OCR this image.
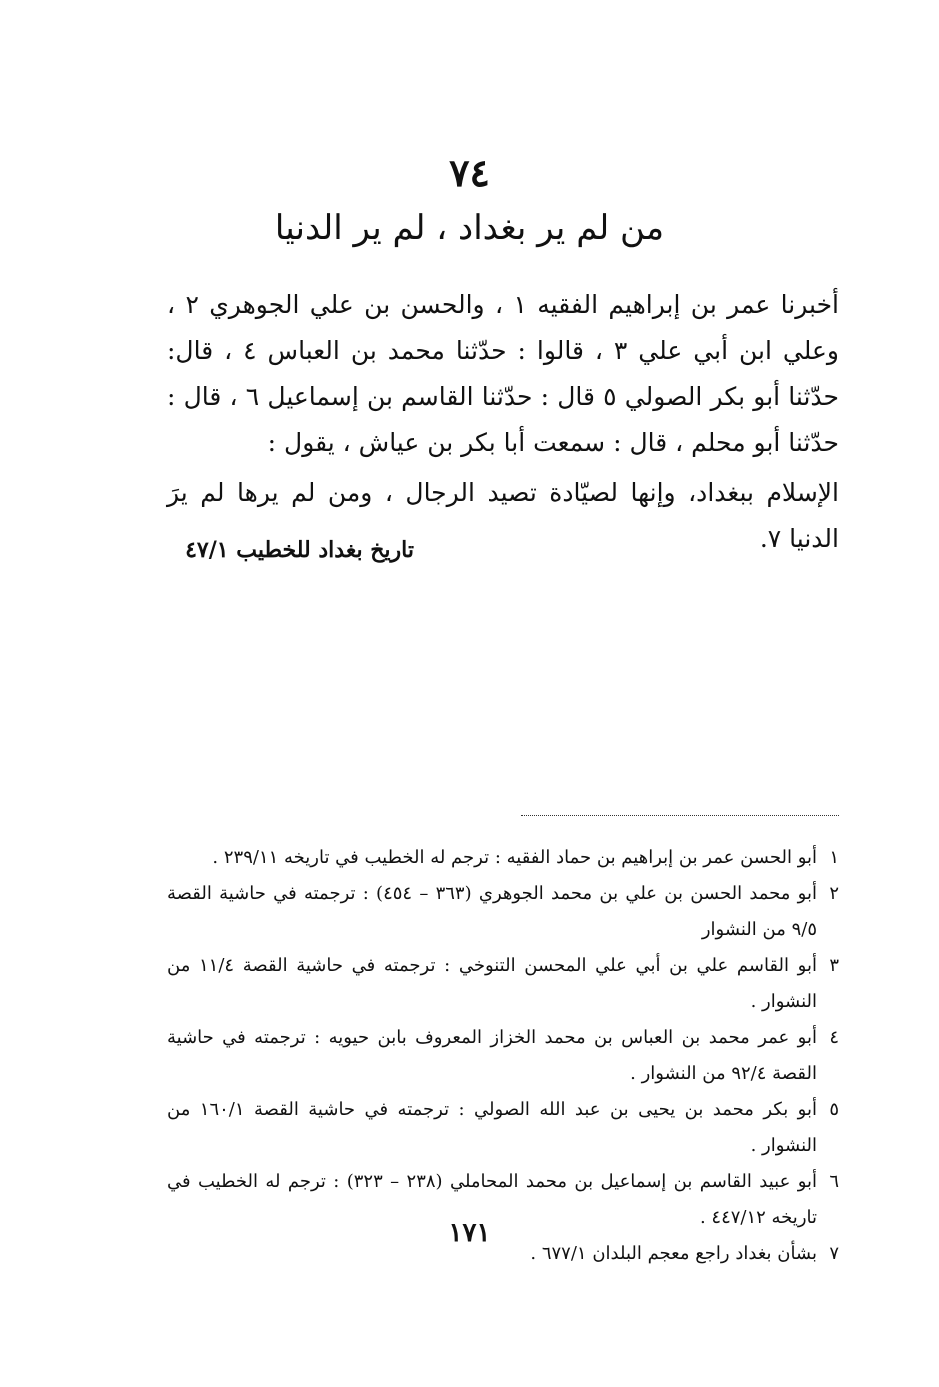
٧٤
من لم ير بغداد ، لم ير الدنيا

أخبرنا عمر بن إبراهيم الفقيه ١ ، والحسن بن علي الجوهري ٢ ، وعلي ابن أبي علي ٣ ، قالوا : حدّثنا محمد بن العباس ٤ ، قال: حدّثنا أبو بكر الصولي ٥ قال : حدّثنا القاسم بن إسماعيل ٦ ، قال : حدّثنا أبو محلم ، قال : سمعت أبا بكر بن عياش ، يقول :

الإسلام ببغداد، وإنها لصيّادة تصيد الرجال ، ومن لم يرها لم يرَ الدنيا ٧.

تاريخ بغداد للخطيب ٤٧/١
١
أبو الحسن عمر بن إبراهيم بن حماد الفقيه : ترجم له الخطيب في تاريخه ٢٣٩/١١ .
٢
أبو محمد الحسن بن علي بن محمد الجوهري (٣٦٣ – ٤٥٤) : ترجمته في حاشية القصة ٩/٥ من النشوار
٣
أبو القاسم علي بن أبي علي المحسن التنوخي : ترجمته في حاشية القصة ١١/٤ من النشوار .
٤
أبو عمر محمد بن العباس بن محمد الخزاز المعروف بابن حيويه : ترجمته في حاشية القصة ٩٢/٤ من النشوار .
٥
أبو بكر محمد بن يحيى بن عبد الله الصولي : ترجمته في حاشية القصة ١٦٠/١ من النشوار .
٦
أبو عبيد القاسم بن إسماعيل بن محمد المحاملي (٢٣٨ – ٣٢٣) : ترجم له الخطيب في تاريخه ٤٤٧/١٢ .
٧
بشأن بغداد راجع معجم البلدان ٦٧٧/١ .
١٧١
